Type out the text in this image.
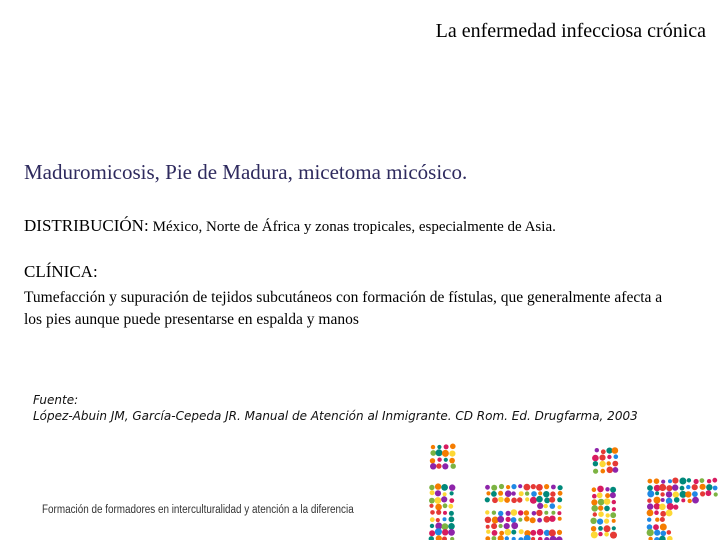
La enfermedad infecciosa crónica
Maduromicosis, Pie de Madura, micetoma micósico.
DISTRIBUCIÓN: México, Norte de África y zonas tropicales, especialmente de Asia.
CLÍNICA:
Tumefacción y supuración de tejidos subcutáneos con formación de fístulas, que generalmente afecta a los pies aunque puede presentarse en espalda y manos
Fuente:
López-Abuin JM, García-Cepeda JR. Manual de Atención al Inmigrante. CD Rom. Ed. Drugfarma, 2003
Formación de formadores en interculturalidad y atención a la diferencia
